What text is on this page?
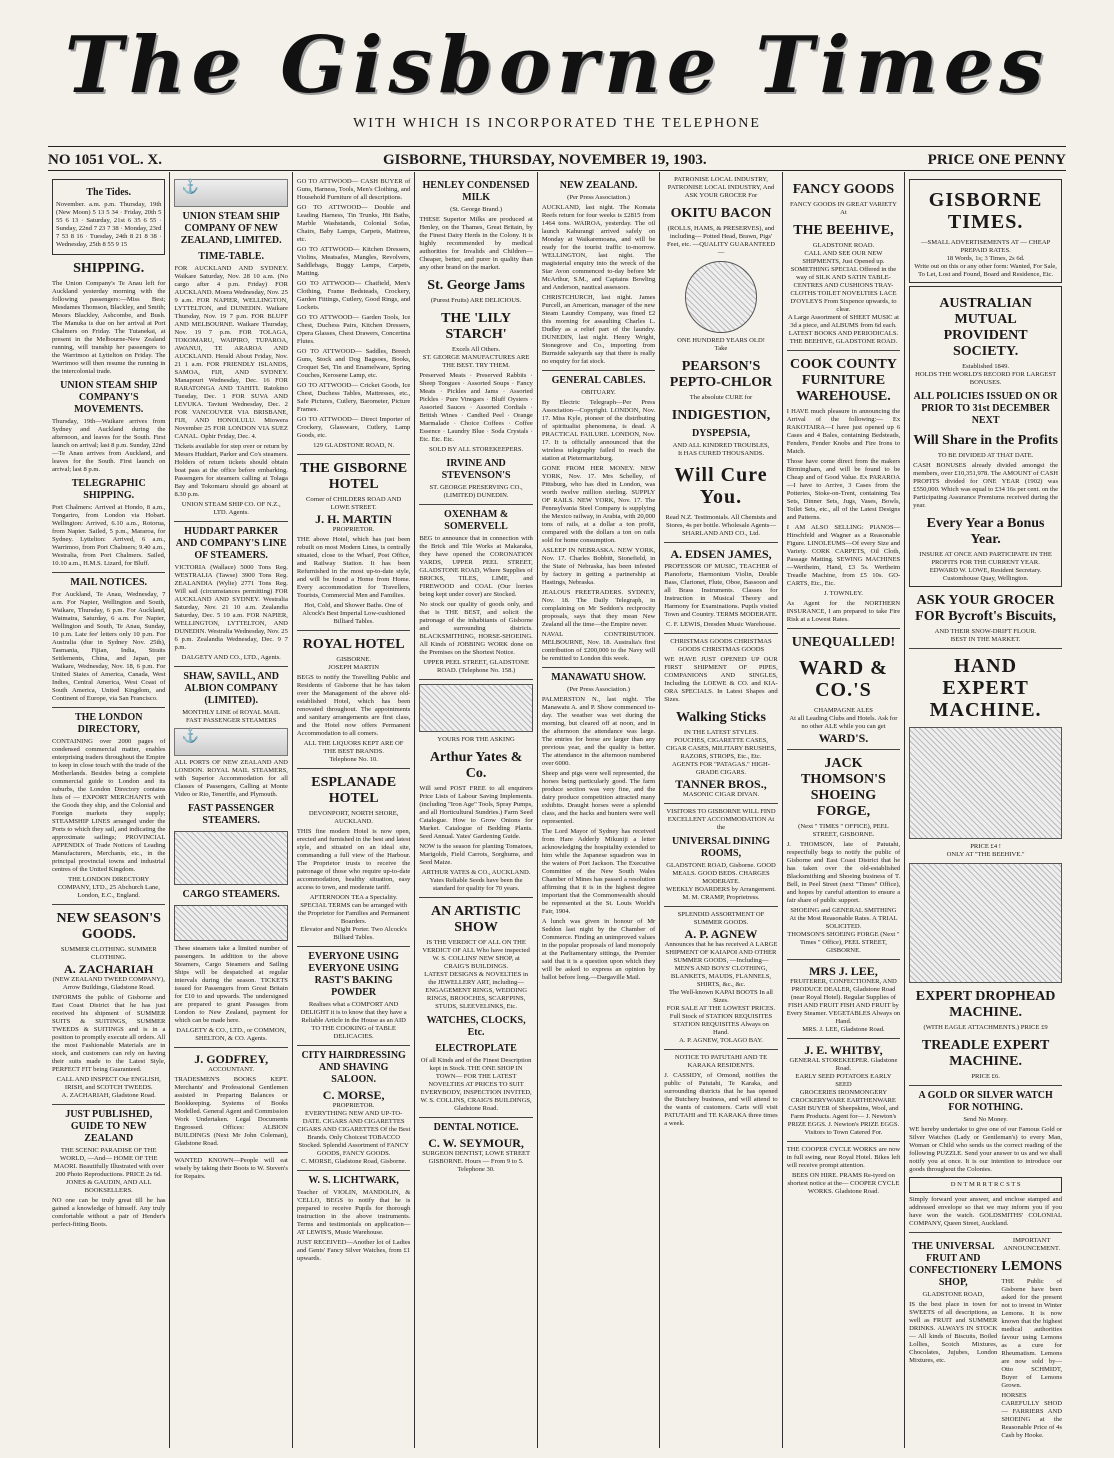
The Gisborne Times
WITH WHICH IS INCORPORATED THE TELEPHONE
NO 1051 VOL. X.	GISBORNE, THURSDAY, NOVEMBER 19, 1903.	PRICE ONE PENNY
The Tides.
November. a.m. p.m. Thursday, 19th (New Moon) 5 13 5 34 · Friday, 20th 5 55 6 13 · Saturday, 21st 6 35 6 55 · Sunday, 22nd 7 23 7 38 · Monday, 23rd 7 53 8 16 · Tuesday, 24th 8 21 8 38 · Wednesday, 25th 8 55 9 15
SHIPPING.
The Union Company's Te Anau left for Auckland yesterday morning with the following passengers:—Miss Best; Mesdames Thomson, Blackley, and Smith; Messrs Blackley, Ashcombe, and Bush. The Manuka is due on her arrival at Port Chalmers on Friday. The Tutanekai, at present in the Melbourne-New Zealand running, will tranship her passengers to the Warrimoo at Lyttelton on Friday. The Warrimoo will then resume the running in the intercolonial trade.
UNION STEAM SHIP COMPANY'S MOVEMENTS.
Thursday, 19th—Waikare arrives from Sydney and Auckland during the afternoon, and leaves for the South. First launch on arrival; last 8 p.m. Sunday, 22nd—Te Anau arrives from Auckland, and leaves for the South. First launch on arrival; last 8 p.m.
TELEGRAPHIC SHIPPING.
Port Chalmers: Arrived at Hondo, 8 a.m., Tongariro, from London via Hobart. Wellington: Arrived, 6.10 a.m., Rotorua, from Napier. Sailed, 5 p.m., Mararoa, for Sydney. Lyttelton: Arrived, 6 a.m., Warrimoo, from Port Chalmers; 9.40 a.m., Westralia, from Port Chalmers. Sailed, 10.10 a.m., H.M.S. Lizard, for Bluff.
MAIL NOTICES.
For Auckland, Te Anau, Wednesday, 7 a.m. For Napier, Wellington and South, Waikare, Thursday, 6 p.m. For Auckland, Waimatra, Saturday, 6 a.m. For Napier, Wellington and South, Te Anau, Sunday, 10 p.m. Late fee' letters only 10 p.m. For Australia (due in Sydney Nov. 25th), Tasmania, Fijian, India, Straits Settlements, China, and Japan, per Waikare, Wednesday, Nov. 18, 6 p.m. For United States of America, Canada, West Indies, Central America, West Coast of South America, United Kingdom, and Continent of Europe, via San Francisco.
THE LONDON DIRECTORY,
CONTAINING over 2000 pages of condensed commercial matter, enables enterprising traders throughout the Empire to keep in close touch with the trade of the Motherlands. Besides being a complete commercial guide to London and its suburbs, the London Directory contains lists of — EXPORT MERCHANTS with the Goods they ship, and the Colonial and Foreign markets they supply; STEAMSHIP LINES arranged under the Ports to which they sail, and indicating the approximate sailings; PROVINCIAL APPENDIX of Trade Notices of Leading Manufacturers, Merchants, etc., in the principal provincial towns and industrial centres of the United Kingdom.
THE LONDON DIRECTORY COMPANY, LTD., 25 Abchurch Lane, London, E.C., England.
NEW SEASON'S GOODS.
SUMMER CLOTHING. SUMMER CLOTHING.
A. ZACHARIAH
(NEW ZEALAND TWEED COMPANY), Arrow Buildings, Gladstone Road.
INFORMS the public of Gisborne and East Coast District that he has just received his shipment of SUMMER SUITS & SUITINGS, SUMMER TWEEDS & SUITINGS and is in a position to promptly execute all orders. All the most Fashionable Materials are in stock, and customers can rely on having their suits made to the Latest Style, PERFECT FIT being Guaranteed.
CALL AND INSPECT Our ENGLISH, IRISH, and SCOTCH TWEEDS.
A. ZACHARIAH, Gladstone Road.
JUST PUBLISHED, GUIDE TO NEW ZEALAND
THE SCENIC PARADISE OF THE WORLD, —And— HOME OF THE MAORI. Beautifully Illustrated with over 200 Photo Reproductions. PRICE 2s 6d.
JONES & GAUDIN, AND ALL BOOKSELLERS.
NO one can be truly great till he has gained a knowledge of himself. Any truly comfortable without a pair of Hender's perfect-fitting Boots.
⚓
UNION STEAM SHIP COMPANY OF NEW ZEALAND, LIMITED.
TIME-TABLE.
FOR AUCKLAND AND SYDNEY. Waikare Saturday, Nov. 28 10 a.m. (No cargo after 4 p.m. Friday) FOR AUCKLAND. Moera Wednesday, Nov. 25 9 a.m. FOR NAPIER, WELLINGTON, LYTTELTON, and DUNEDIN. Waikare Thursday, Nov. 19 7 p.m. FOR BLUFF AND MELBOURNE. Waikare Thursday, Nov. 19 7 p.m. FOR TOLAGA, TOKOMARU, WAIPIRO, TUPAROA, AWANUI, TE ARAROA AND AUCKLAND. Herald About Friday, Nov. 21 1 a.m. FOR FRIENDLY ISLANDS, SAMOA, FIJI, AND SYDNEY. Manapouri Wednesday, Dec. 16 FOR RARATONGA AND TAHITI. Ratokino Tuesday, Dec. 1 FOR SUVA AND LEVUKA. Taviuni Wednesday, Dec. 2 FOR VANCOUVER VIA BRISBANE, FIJI, AND HONOLULU. Miowera November 25 FOR LONDON VIA SUEZ CANAL. Ophir Friday, Dec. 4.
Tickets available for step over or return by Messrs Huddart, Parker and Co's steamers. Holders of return tickets should obtain boat pass at the office before embarking. Passengers for steamers calling at Tolaga Bay and Tokomaru should go aboard at 8.30 p.m.
UNION STEAM SHIP CO. OF N.Z., LTD. Agents.
HUDDART PARKER AND COMPANY'S LINE OF STEAMERS.
VICTORIA (Wallace) 5000 Tons Reg. WESTRALIA (Tawse) 3900 Tons Reg. ZEALANDIA (Wylie) 2771 Tons Reg. Will sail (circumstances permitting) FOR AUCKLAND AND SYDNEY. Westralia Saturday, Nov. 21 10 a.m. Zealandia Saturday, Dec. 5 10 a.m. FOR NAPIER, WELLINGTON, LYTTELTON, AND DUNEDIN. Westralia Wednesday, Nov. 25 6 p.m. Zealandia Wednesday, Dec. 9 7 p.m.
DALGETY AND CO., LTD., Agents.
SHAW, SAVILL, AND ALBION COMPANY (LIMITED).
MONTHLY LINE of ROYAL MAIL FAST PASSENGER STEAMERS
⚓
ALL PORTS OF NEW ZEALAND AND LONDON. ROYAL MAIL STEAMERS, with Superior Accommodation for all Classes of Passengers, Calling at Monte Video or Rio, Teneriffe, and Plymouth.
FAST PASSENGER STEAMERS.
CARGO STEAMERS.
These steamers take a limited number of passengers. In addition to the above Steamers, Cargo Steamers and Sailing Ships will be despatched at regular intervals during the season. TICKETS issued for Passengers from Great Britain for £10 to and upwards. The undersigned are prepared to grant Passages from London to New Zealand, payment for which can be made here.
DALGETY & CO., LTD., or COMMON, SHELTON, & CO. Agents.
J. GODFREY,
ACCOUNTANT.
TRADESMEN'S BOOKS KEPT. Merchants' and Professional Gentlemen assisted in Preparing Balances or Bookkeeping. Systems of Books Modelled. General Agent and Commission Work Undertaken. Legal Documents Engrossed. Offices: ALBION BUILDINGS (Next Mr John Coleman), Gladstone Road.
WANTED KNOWN—People will eat wisely by taking their Boots to W. Steven's for Repairs.
GO TO ATTWOOD— CASH BUYER of Guns, Harness, Tools, Men's Clothing, and Household Furniture of all descriptions.
GO TO ATTWOOD— Double and Leading Harness, Tin Trunks, Hit Baths, Marble Washstands, Colonial Sofas, Chairs, Baby Lamps, Carpets, Mattress, etc.
GO TO ATTWOOD— Kitchen Dressers, Violins, Meatsafes, Mangles, Revolvers, Saddlebags, Buggy Lamps, Carpets, Matting.
GO TO ATTWOOD— Chatfield, Men's Clothing, Frame Bedsteads, Crockery, Garden Fittings, Cutlery, Good Rings, and Lockets.
GO TO ATTWOOD— Garden Tools, Ice Chest, Duchess Pairs, Kitchen Dressers, Opera Glasses, Chest Drawers, Concertina Flutes.
GO TO ATTWOOD— Saddles, Breech Guns, Stock and Dog Bagsoes, Books, Croquet Set, Tin and Enamelware, Spring Couches, Kerosene Lamp, etc.
GO TO ATTWOOD— Cricket Goods, Ice Chest, Duchess Tables, Mattresses, etc., Safe Pictures, Cutlery, Barometer, Picture Frames.
GO TO ATTWOOD— Direct Importer of Crockery, Glassware, Cutlery, Lamp Goods, etc.
129 GLADSTONE ROAD, N.
THE GISBORNE HOTEL
Corner of CHILDERS ROAD AND LOWE STREET.
J. H. MARTIN
PROPRIETOR.
THE above Hotel, which has just been rebuilt on most Modern Lines, is centrally situated, close to the Wharf, Post Office, and Railway Station. It has been Refurnished in the most up-to-date style, and will be found a Home from Home. Every accommodation for Travellers, Tourists, Commercial Men and Families.
Hot, Cold, and Shower Baths. One of Alcock's Best Imperial Low-cushioned Billiard Tables.
ROYAL HOTEL
GISBORNE.
JOSEPH MARTIN
BEGS to notify the Travelling Public and Residents of Gisborne that he has taken over the Management of the above old-established Hotel, which has been renovated throughout. The appointments and sanitary arrangements are first class, and the Hotel now offers Permanent Accommodation to all comers.
ALL THE LIQUORS KEPT ARE OF THE BEST BRANDS.
Telephone No. 10.
ESPLANADE HOTEL
DEVONPORT, NORTH SHORE, AUCKLAND.
THIS fine modern Hotel is now open, erected and furnished in the best and latest style, and situated on an ideal site, commanding a full view of the Harbour. The Proprietor trusts to receive the patronage of those who require up-to-date accommodation, healthy situation, easy access to town, and moderate tariff.
AFTERNOON TEA a Speciality.
SPECIAL TERMS can be arranged with the Proprietor for Families and Permanent Boarders.
Elevator and Night Porter. Two Alcock's Billiard Tables.
EVERYONE USING EVERYONE USING RAST'S BAKING POWDER
Realises what a COMFORT AND DELIGHT it is to know that they have a Reliable Article in the House as an AID TO THE COOKING of TABLE DELICACIES.
CITY HAIRDRESSING AND SHAVING SALOON.
C. MORSE,
PROPRIETOR.
EVERYTHING NEW AND UP-TO-DATE. CIGARS AND CIGARETTES CIGARS AND CIGARETTES Of the Best Brands. Only Choicest TOBACCO Stocked. Splendid Assortment of FANCY GOODS, FANCY GOODS.
C. MORSE, Gladstone Road, Gisborne.
W. S. LICHTWARK,
Teacher of VIOLIN, MANDOLIN, & 'CELLO, BEGS to notify that he is prepared to receive Pupils for thorough instruction in the above instruments. Terms and testimonials on application— AT LEWIS'S, Music Warehouse.
JUST RECEIVED—Another lot of Ladies and Gents' Fancy Silver Watches, from £1 upwards.
HENLEY CONDENSED MILK
(St. George Brand.)
THESE Superior Milks are produced at Henley, on the Thames, Great Britain, by the Finest Dairy Herds in the Colony. It is highly recommended by medical authorities for Invalids and Children—Cheaper, better, and purer in quality than any other brand on the market.
St. George Jams
(Purest Fruits) ARE DELICIOUS.
THE 'LILY STARCH'
Excels All Others.
ST. GEORGE MANUFACTURES ARE THE BEST. TRY THEM.
Preserved Meats · Preserved Rabbits · Sheep Tongues · Assorted Soups · Fancy Meats · Pickles and Jams · Assorted Pickles · Pure Vinegars · Bluff Oysters · Assorted Sauces · Assorted Cordials · British Wines · Candied Peel · Orange Marmalade · Choice Coffees · Coffee Essence · Laundry Blue · Soda Crystals · Etc. Etc. Etc.
SOLD BY ALL STOREKEEPERS.
IRVINE AND STEVENSON'S
ST. GEORGE PRESERVING CO., (LIMITED) DUNEDIN.
OXENHAM & SOMERVELL
BEG to announce that in connection with the Brick and Tile Works at Makaraka, they have opened the CORONATION YARDS, UPPER PEEL STREET, GLADSTONE ROAD, Where Supplies of BRICKS, TILES, LIME, and FIREWOOD and COAL (Our lorries being kept under cover) are Stocked.
No stock our quality of goods only, and that is THE BEST, and solicit the patronage of the inhabitants of Gisborne and surrounding districts. BLACKSMITHING, HORSE-SHOEING. All Kinds of JOBBING WORK done on the Premises on the Shortest Notice.
UPPER PEEL STREET, GLADSTONE ROAD. (Telephone No. 158.)
YOURS FOR THE ASKING
Arthur Yates & Co.
Will send POST FREE to all enquirers Price Lists of Labour Saving Implements. (including "Iron Age" Tools, Spray Pumps, and all Horticultural Sundries.) Farm Seed Catalogue. How to Grow Onions for Market. Catalogue of Bedding Plants. Seed Annual. Yates' Gardening Guide.
NOW is the season for planting Tomatoes, Marigolds, Field Carrots, Sorghums, and Seed Maize.
ARTHUR YATES & CO., AUCKLAND.
Yates Reliable Seeds have been the standard for quality for 70 years.
AN ARTISTIC SHOW
IS THE VERDICT OF ALL ON THE VERDICT OF ALL Who have inspected W. S. COLLINS' NEW SHOP, at CRAIG'S BUILDINGS.
LATEST DESIGNS & NOVELTIES in the JEWELLERY ART, including— ENGAGEMENT RINGS, WEDDING RINGS, BROOCHES, SCARFPINS, STUDS, SLEEVELINKS, Etc.
WATCHES, CLOCKS, Etc.
ELECTROPLATE
Of all Kinds and of the Finest Description kept in Stock. THE ONE SHOP IN TOWN— FOR THE LATEST NOVELTIES AT PRICES TO SUIT EVERYBODY, INSPECTION INVITED,
W. S. COLLINS, CRAIG'S BUILDINGS, Gladstone Road.
DENTAL NOTICE.
C. W. SEYMOUR,
SURGEON DENTIST, LOWE STREET GISBORNE. Hours — From 9 to 5. Telephone 30.
NEW ZEALAND.
(Per Press Association.)
AUCKLAND, last night. The Komata Reefs return for four weeks is £2815 from 1464 tons. WAIROA, yesterday. The oil launch Kahurangi arrived safely on Monday at Waikaremoana, and will be ready for the tourist traffic to-morrow. WELLINGTON, last night. The magisterial enquiry into the wreck of the Star Avon commenced to-day before Mr McArthur, S.M., and Captains Bowling and Anderson, nautical assessors.
CHRISTCHURCH, last night. James Purcell, an American, manager of the new Steam Laundry Company, was fined £2 this morning for assaulting Charles L. Dudley as a relief part of the laundry. DUNEDIN, last night. Henry Wright, Stonegrove and Co., importing from Burnside saleyards say that there is really no enquiry for fat stock.
GENERAL CABLES.
OBITUARY.
By Electric Telegraph—Per Press Association—Copyright. LONDON, Nov. 17. Miss Kyle, pioneer of the distributing of spiritualist phenomena, is dead. A PRACTICAL FAILURE. LONDON, Nov. 17. It is officially announced that the wireless telegraphy failed to reach the station at Pietermaritzburg.
GONE FROM HER MONEY. NEW YORK, Nov. 17. Mrs Schelley, of Pittsburg, who has died in London, was worth twelve million sterling. SUPPLY OF RAILS. NEW YORK, Nov. 17. The Pennsylvania Steel Company is supplying the Mexico railway, in Arabia, with 20,000 tons of rails, at a dollar a ton profit, compared with the dollars a ton on rails sold for home consumption.
ASLEEP IN NEBRASKA. NEW YORK, Nov. 17. Charles Bobbitt, Stonefield, in the State of Nebraska, has been infested by factory in getting a partnership at Hastings, Nebraska.
JEALOUS FREETRADERS. SYDNEY, Nov. 18. The Daily Telegraph, in complaining on Mr Seddon's reciprocity proposals, says that they mean New Zealand all the time—the Empire never.
NAVAL CONTRIBUTION. MELBOURNE, Nov. 18. Australia's first contribution of £200,000 to the Navy will be remitted to London this week.
MANAWATU SHOW.
(Per Press Association.)
PALMERSTON N., last night. The Manawatu A. and P. Show commenced to-day. The weather was wet during the morning, but cleared off at noon, and in the afternoon the attendance was large. The entries for horse are larger than any previous year, and the quality is better. The attendance in the afternoon numbered over 6000.
Sheep and pigs were well represented, the horses being particularly good. The farm produce section was very fine, and the dairy produce competition attracted many exhibits. Draught horses were a splendid class, and the hacks and hunters were well represented.
The Lord Mayor of Sydney has received from Hare Adderly Mikuniji a letter acknowledging the hospitality extended to him while the Japanese squadron was in the waters of Port Jackson. The Executive Committee of the New South Wales Chamber of Mines has passed a resolution affirming that it is in the highest degree important that the Commonwealth should be represented at the St. Louis World's Fair, 1904.
A lunch was given in honour of Mr Seddon last night by the Chamber of Commerce. Finding an unimproved values in the popular proposals of land monopoly at the Parliamentary sittings, the Premier said that it is a question upon which they will be asked to express an opinion by ballot before long.—Dargaville Mail.
PATRONISE LOCAL INDUSTRY, PATRONISE LOCAL INDUSTRY, And ASK YOUR GROCER For
OKITU BACON
(ROLLS, HAMS, & PRESERVES), and including— Potted Head, Brawn, Pigs' Feet, etc. —QUALITY GUARANTEED—
ONE HUNDRED YEARS OLD!
Take
PEARSON'S PEPTO-CHLOR
The absolute CURE for
INDIGESTION,
DYSPEPSIA,
AND ALL KINDRED TROUBLES,
It HAS CURED THOUSANDS.
Will Cure You.
Read N.Z. Testimonials. All Chemists and Stores, 4s per bottle. Wholesale Agents— SHARLAND AND CO., Ltd.
A. EDSEN JAMES,
PROFESSOR OF MUSIC, TEACHER of Pianoforte, Harmonium Violin, Double Bass, Clarionet, Flute, Oboe, Bassoon and all Brass Instruments. Classes for Instruction in Musical Theory and Harmony for Examinations. Pupils visited Town and Country. TERMS MODERATE.
C. F. LEWIS, Dresden Music Warehouse.
CHRISTMAS GOODS CHRISTMAS GOODS CHRISTMAS GOODS
WE HAVE JUST OPENED UP OUR FIRST SHIPMENT OF PIPES, COMPANIONS AND SINGLES, Including the LOEWE & CO. and KIA-ORA SPECIALS. In Latest Shapes and Sizes.
Walking Sticks
IN THE LATEST STYLES.
POUCHES, CIGARETTE CASES, CIGAR CASES, MILITARY BRUSHES, RAZORS, STROPS, Etc., Etc.
AGENTS FOR "PATAGAS." HIGH-GRADE CIGARS.
TANNER BROS.,
MASONIC CIGAR DIVAN.
VISITORS TO GISBORNE WILL FIND EXCELLENT ACCOMMODATION At the
UNIVERSAL DINING ROOMS,
GLADSTONE ROAD, Gisborne. GOOD MEALS. GOOD BEDS. CHARGES MODERATE.
WEEKLY BOARDERS by Arrangement. M. M. CRAMP, Proprietress.
SPLENDID ASSORTMENT OF SUMMER GOODS.
A. P. AGNEW
Announces that he has received A LARGE SHIPMENT OF KAIAPOI AND OTHER SUMMER GOODS, —Including— MEN'S AND BOYS' CLOTHING, BLANKETS, MAUDS, FLANNELS, SHIRTS, &c., &c.
The Well-known KAPAI BOOTS In all Sizes.
FOR SALE AT THE LOWEST PRICES.
Full Stock of STATION REQUISITES STATION REQUISITES Always on Hand.
A. P. AGNEW, TOLAGO BAY.
NOTICE TO PATUTAHI AND TE KARAKA RESIDENTS.
J. CASSIDY, of Ormond, notifies the public of Patutahi, Te Karaka, and surrounding districts that he has opened the Butchery business, and will attend to the wants of customers. Carts will visit PATUTAHI and TE KARAKA three times a week.
FANCY GOODS
FANCY GOODS IN GREAT VARIETY At
THE BEEHIVE,
GLADSTONE ROAD.
CALL AND SEE OUR NEW SHIPMENTS, Just Opened up. SOMETHING SPECIAL Offered in the way of SILK AND SATIN TABLE-CENTRES AND CUSHIONS TRAY-CLOTHS TOILET NOVELTIES LACE D'OYLEYS From Sixpence upwards, to clear.
A Large Assortment of SHEET MUSIC at 3d a piece, and ALBUMS from 6d each. LATEST BOOKS AND PERIODICALS.
THE BEEHIVE, GLADSTONE ROAD.
COOK COUNTY FURNITURE WAREHOUSE.
I HAVE much pleasure in announcing the Arrival of the following:— Ex RAKOTAIRA—I have just opened up 6 Cases and 4 Bales, containing Bedsteads, Fenders, Fender Knobs and Fire Irons to Match.
Those have come direct from the makers Birmingham, and will be found to be Cheap and of Good Value. Ex PARAROA—I have to Arrive, 3 Cases from the Potteries, Stoke-on-Trent, containing Tea Sets, Dinner Sets, Jugs, Vases, Bowls, Toilet Sets, etc., all of the Latest Designs and Patterns.
I AM ALSO SELLING: PIANOS—Hirschfeld and Wagner as a Reasonable Figure. LINOLEUMS—Of every Size and Variety. CORK CARPETS, Oil Cloth, Passage Matting. SEWING MACHINES—Wertheim, Hand, £3 5s. Wertheim Treadle Machine, from £5 10s. GO-CARTS, Etc., Etc.
J. TOWNLEY.
As Agent for the NORTHERN INSURANCE, I am prepared to take Fire Risk at a Lowest Rates.
UNEQUALLED!
WARD & CO.'S
CHAMPAGNE ALES
At all Leading Clubs and Hotels. Ask for no other ALE while you can get
WARD'S.
JACK THOMSON'S SHOEING FORGE,
(Next " TIMES " OFFICE), PEEL STREET, GISBORNE.
J. THOMSON, late of Patutahi, respectfully begs to notify the public of Gisborne and East Coast District that he has taken over the old-established Blacksmithing and Shoeing business of T. Bell, in Peel Street (next "Times" Office), and hopes by careful attention to ensure a fair share of public support.
SHOEING and GENERAL SMITHING At the Most Reasonable Rates. A TRIAL SOLICITED.
THOMSON'S SHOEING FORGE (Next " Times " Office), PEEL STREET, GISBORNE.
MRS J. LEE,
FRUITERER, CONFECTIONER, AND PRODUCE DEALER, Gladstone Road (near Royal Hotel). Regular Supplies of FISH AND FRUIT FISH AND FRUIT by Every Steamer. VEGETABLES Always on Hand.
MRS. J. LEE, Gladstone Road.
J. E. WHITBY,
GENERAL STOREKEEPER. Gladstone Road.
EARLY SEED POTATOES EARLY SEED
GROCERIES IRONMONGERY CROCKERYWARE EARTHENWARE
CASH BUYER of Sheepskins, Wool, and Farm Products. Agent for— J. Newton's PRIZE EGGS. J. Newton's PRIZE EGGS. Visitors to Town Catered For.
THE COOPER CYCLE WORKS are now in full swing, near Royal Hotel. Bikes left will receive prompt attention.
BEES ON HIRE. PRAMS Re-tyred on shortest notice at the— COOPER CYCLE WORKS. Gladstone Road.
GISBORNE TIMES.
—SMALL ADVERTISEMENTS AT — CHEAP PREPAID RATES.
18 Words, 1s; 3 Times, 2s 6d.
Write out on this or any other form: Wanted, For Sale, To Let, Lost and Found, Board and Residence, Etc.
AUSTRALIAN MUTUAL PROVIDENT SOCIETY.
Established 1849.
HOLDS THE WORLD'S RECORD FOR LARGEST BONUSES.
ALL POLICIES ISSUED ON OR PRIOR TO 31st DECEMBER NEXT
Will Share in the Profits
TO BE DIVIDED AT THAT DATE.
CASH BONUSES already divided amongst the members, over £10,351,978. The AMOUNT of CASH PROFITS divided for ONE YEAR (1902) was £550,000. Which was equal to £34 16s per cent. on the Participating Assurance Premiums received during the year.
Every Year a Bonus Year.
INSURE AT ONCE AND PARTICIPATE IN THE PROFITS FOR THE CURRENT YEAR.
EDWARD W. LOWE, Resident Secretary. Customhouse Quay, Wellington.
ASK YOUR GROCER FOR Bycroft's Biscuits,
AND THEIR SNOW-DRIFT FLOUR.
BEST IN THE MARKET.
HAND EXPERT MACHINE.
PRICE £4 !
ONLY AT "THE BEEHIVE."
EXPERT DROPHEAD MACHINE.
(WITH EAGLE ATTACHMENTS.) PRICE £9
TREADLE EXPERT MACHINE.
PRICE £6.
A GOLD OR SILVER WATCH FOR NOTHING.
Send No Money.
WE hereby undertake to give one of our Famous Gold or Silver Watches (Lady or Gentleman's) to every Man, Woman or Child who sends us the correct reading of the following PUZZLE. Send your answer to us and we shall notify you at once. It is our intention to introduce our goods throughout the Colonies.
D N T M R R T R C S T S
Simply forward your answer, and enclose stamped and addressed envelope so that we may inform you if you have won the watch. GOLDSMITHS' COLONIAL COMPANY, Queen Street, Auckland.
THE UNIVERSAL FRUIT AND CONFECTIONERY SHOP,
GLADSTONE ROAD,
IS the best place in town for SWEETS of all descriptions, as well as FRUIT and SUMMER DRINKS. ALWAYS IN STOCK— All kinds of Biscuits, Boiled Lollies, Scotch Mixtures, Chocolates, Jujubes, London Mixtures, etc.
IMPORTANT ANNOUNCEMENT.
LEMONS
THE Public of Gisborne have been asked for the present not to invest in Winter Lemons. It is now known that the highest medical authorities favour using Lemons as a cure for Rheumatism. Lemons are now sold by— Otto SCHMIDT, Buyer of Lemons Grown.
HORSES CAREFULLY SHOD— FARRIERS AND SHOEING at the Reasonable Price of 4s Cash by Hooke.
